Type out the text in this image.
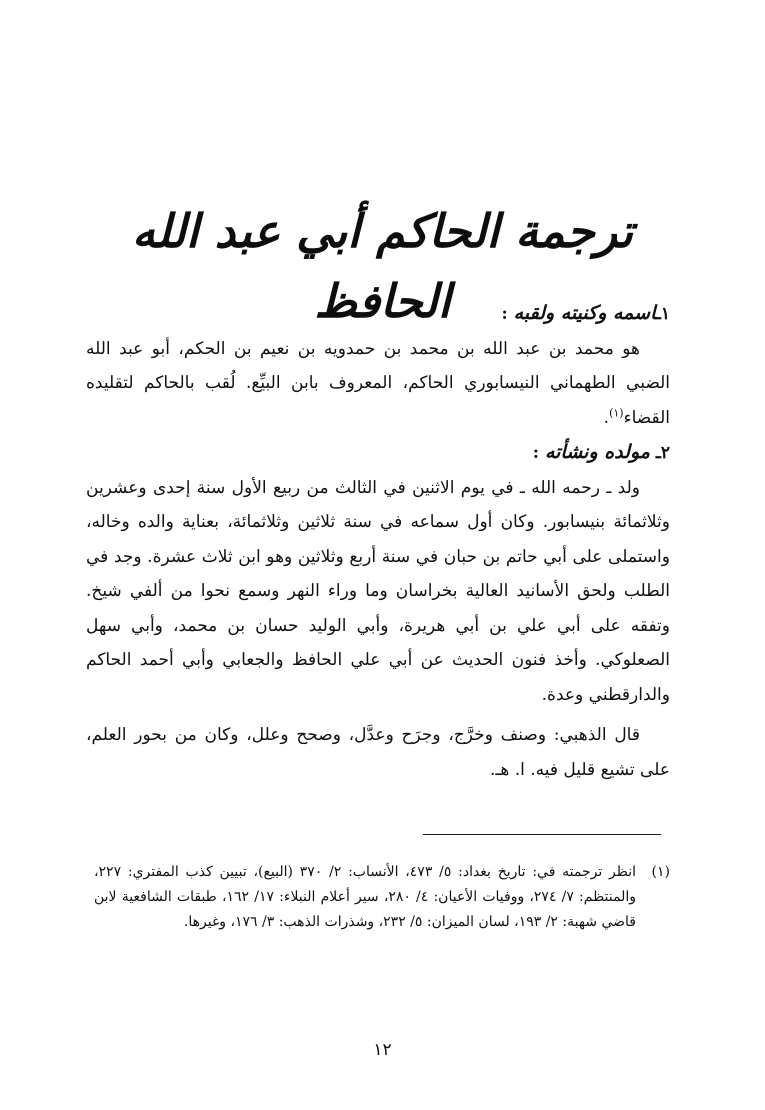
ترجمة الحاكم أبي عبد الله الحافظ	١ـاسمه وكنيته ولقبه :

هو محمد بن عبد الله بن محمد بن حمدويه بن نعيم بن الحكم، أبو عبد الله الضبي الطهماني النيسابوري الحاكم، المعروف بابن البيِّع. لُقب بالحاكم لتقليده القضاء$^{(١)}$.

٢ـ مولده ونشأته :

ولد ـ رحمه الله ـ في يوم الاثنين في الثالث من ربيع الأول سنة إحدى وعشرين وثلاثمائة بنيسابور. وكان أول سماعه في سنة ثلاثين وثلاثمائة، بعناية والده وخاله، واستملى على أبي حاتم بن حبان في سنة أربع وثلاثين وهو ابن ثلاث عشرة. وجد في الطلب ولحق الأسانيد العالية بخراسان وما وراء النهر وسمع نحوا من ألفي شيخ. وتفقه على أبي علي بن أبي هريرة، وأبي الوليد حسان بن محمد، وأبي سهل الصعلوكي. وأخذ فنون الحديث عن أبي علي الحافظ والجعابي وأبي أحمد الحاكم والدارقطني وعدة.

قال الذهبي: وصنف وخرَّج، وجرَح وعدَّل، وصحح وعلل، وكان من بحور العلم، على تشيع قليل فيه. ا. هـ.

(١)
انظر ترجمته في: تاريخ بغداد: ٥/ ٤٧٣، الأنساب: ٢/ ٣٧٠ (البيع)، تبيين كذب المفتري: ٢٢٧، والمنتظم: ٧/ ٢٧٤، ووفيات الأعيان: ٤/ ٢٨٠، سير أعلام النبلاء: ١٧/ ١٦٢، طبقات الشافعية لابن قاضي شهبة: ٢/ ١٩٣، لسان الميزان: ٥/ ٢٣٢، وشذرات الذهب: ٣/ ١٧٦، وغيرها.
١٢
